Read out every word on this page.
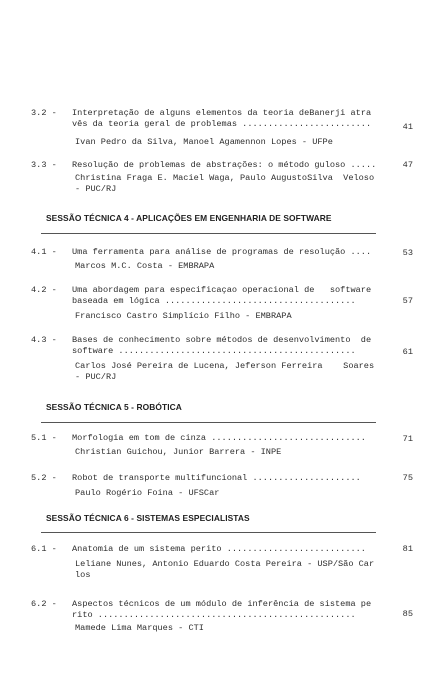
3.2 - Interpretação de alguns elementos da teoria deBanerji atra
vês da teoria geral de problemas .........................	41
Ivan Pedro da Silva, Manoel Agamennon Lopes - UFPe
3.3 - Resolução de problemas de abstrações: o método guloso .....	47
Christina Fraga E. Maciel Waga, Paulo AugustoSilva  Veloso
- PUC/RJ
SESSÃO TÉCNICA 4 - APLICAÇÕES EM ENGENHARIA DE SOFTWARE
4.1 - Uma ferramenta para análise de programas de resolução ....	53
Marcos M.C. Costa - EMBRAPA
4.2 - Uma abordagem para especificaçao operacional de   software
baseada em lógica .....................................	57
Francisco Castro Simplício Filho - EMBRAPA
4.3 - Bases de conhecimento sobre métodos de desenvolvimento  de
software ..............................................	61
Carlos José Pereira de Lucena, Jeferson Ferreira    Soares
- PUC/RJ
SESSÃO TÉCNICA 5 - ROBÓTICA
5.1 - Morfologia em tom de cinza ..............................	71
Christian Guichou, Junior Barrera - INPE
5.2 - Robot de transporte multifuncional .....................	75
Paulo Rogério Foina - UFSCar
SESSÃO TÉCNICA 6 - SISTEMAS ESPECIALISTAS
6.1 - Anatomia de um sistema perito ...........................	81
Leliane Nunes, Antonio Eduardo Costa Pereira - USP/São Car
los
6.2 - Aspectos técnicos de um módulo de inferência de sistema pe
rito ..................................................	85
Mamede Lima Marques - CTI
